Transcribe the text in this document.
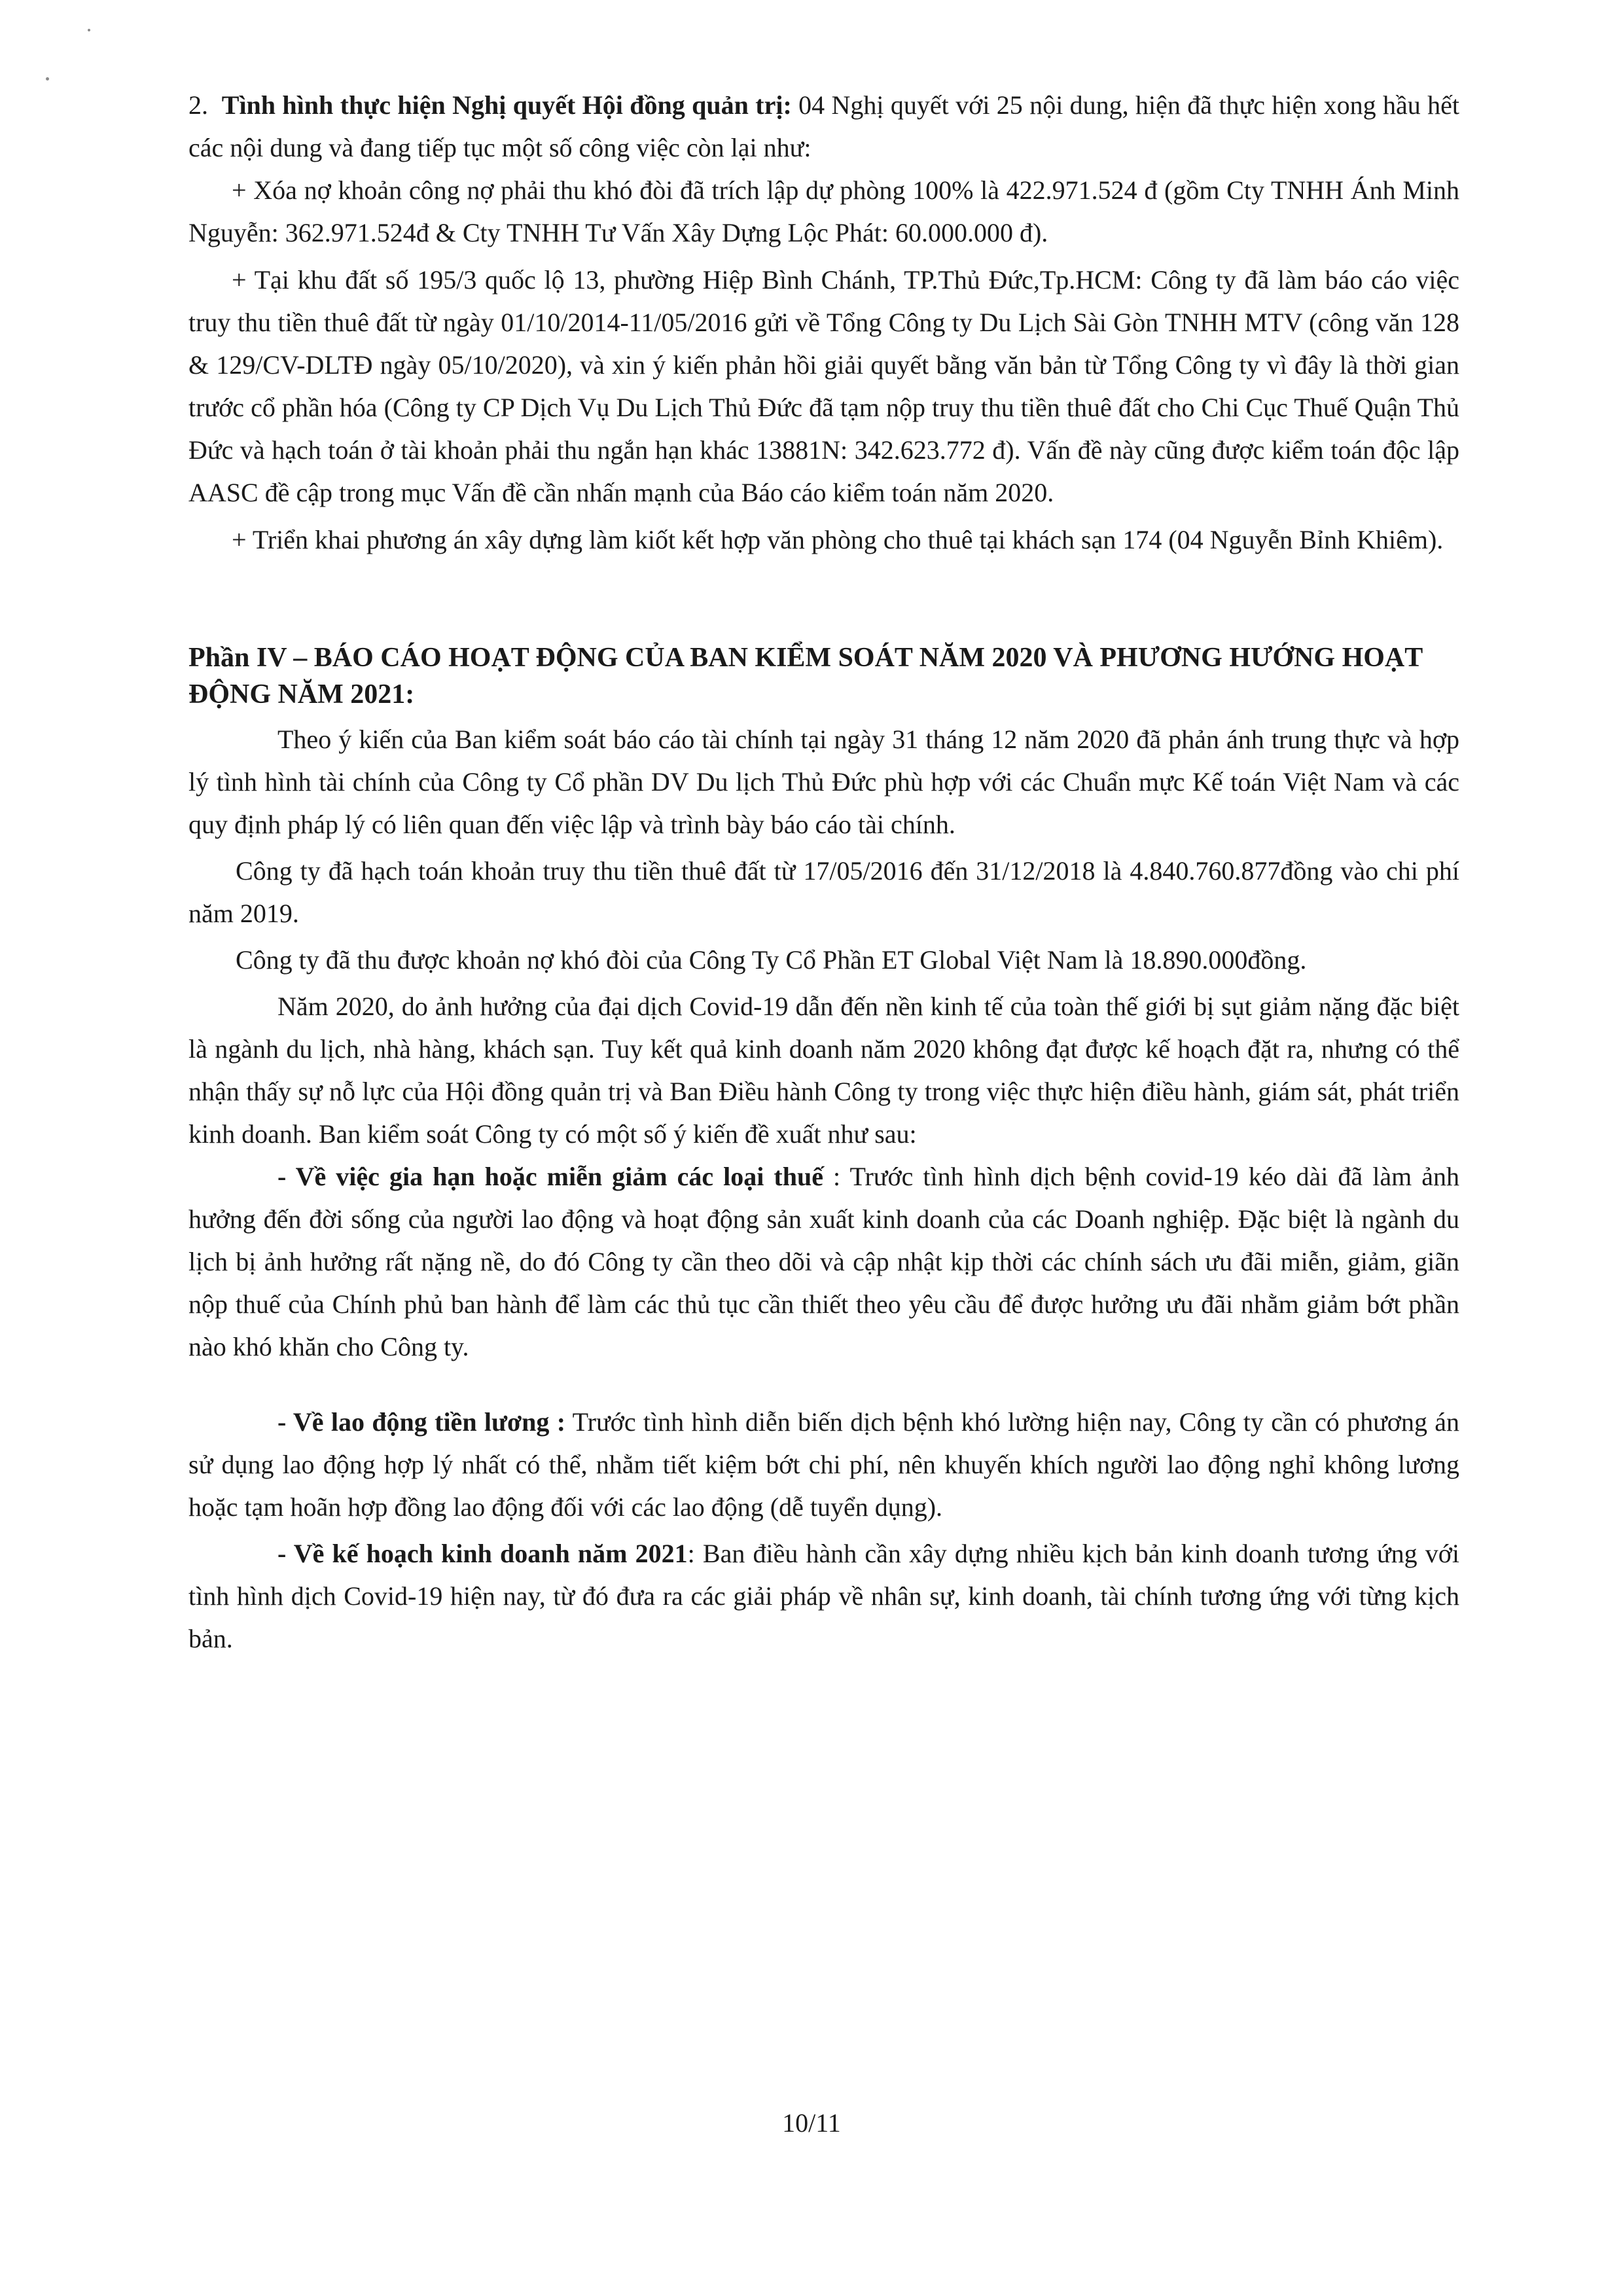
2. Tình hình thực hiện Nghị quyết Hội đồng quản trị: 04 Nghị quyết với 25 nội dung, hiện đã thực hiện xong hầu hết các nội dung và đang tiếp tục một số công việc còn lại như:

+ Xóa nợ khoản công nợ phải thu khó đòi đã trích lập dự phòng 100% là 422.971.524 đ (gồm Cty TNHH Ánh Minh Nguyễn: 362.971.524đ & Cty TNHH Tư Vấn Xây Dựng Lộc Phát: 60.000.000 đ).

+ Tại khu đất số 195/3 quốc lộ 13, phường Hiệp Bình Chánh, TP.Thủ Đức,Tp.HCM: Công ty đã làm báo cáo việc truy thu tiền thuê đất từ ngày 01/10/2014-11/05/2016 gửi về Tổng Công ty Du Lịch Sài Gòn TNHH MTV (công văn 128 & 129/CV-DLTĐ ngày 05/10/2020), và xin ý kiến phản hồi giải quyết bằng văn bản từ Tổng Công ty vì đây là thời gian trước cổ phần hóa (Công ty CP Dịch Vụ Du Lịch Thủ Đức đã tạm nộp truy thu tiền thuê đất cho Chi Cục Thuế Quận Thủ Đức và hạch toán ở tài khoản phải thu ngắn hạn khác 13881N: 342.623.772 đ). Vấn đề này cũng được kiểm toán độc lập AASC đề cập trong mục Vấn đề cần nhấn mạnh của Báo cáo kiểm toán năm 2020.

+ Triển khai phương án xây dựng làm kiốt kết hợp văn phòng cho thuê tại khách sạn 174 (04 Nguyễn Bỉnh Khiêm).

Phần IV – BÁO CÁO HOẠT ĐỘNG CỦA BAN KIỂM SOÁT NĂM 2020 VÀ PHƯƠNG HƯỚNG HOẠT ĐỘNG NĂM 2021:

Theo ý kiến của Ban kiểm soát báo cáo tài chính tại ngày 31 tháng 12 năm 2020 đã phản ánh trung thực và hợp lý tình hình tài chính của Công ty Cổ phần DV Du lịch Thủ Đức phù hợp với các Chuẩn mực Kế toán Việt Nam và các quy định pháp lý có liên quan đến việc lập và trình bày báo cáo tài chính.

Công ty đã hạch toán khoản truy thu tiền thuê đất từ 17/05/2016 đến 31/12/2018 là 4.840.760.877đồng vào chi phí năm 2019.

Công ty đã thu được khoản nợ khó đòi của Công Ty Cổ Phần ET Global Việt Nam là 18.890.000đồng.

Năm 2020, do ảnh hưởng của đại dịch Covid-19 dẫn đến nền kinh tế của toàn thế giới bị sụt giảm nặng đặc biệt là ngành du lịch, nhà hàng, khách sạn. Tuy kết quả kinh doanh năm 2020 không đạt được kế hoạch đặt ra, nhưng có thể nhận thấy sự nỗ lực của Hội đồng quản trị và Ban Điều hành Công ty trong việc thực hiện điều hành, giám sát, phát triển kinh doanh. Ban kiểm soát Công ty có một số ý kiến đề xuất như sau:

- Về việc gia hạn hoặc miễn giảm các loại thuế : Trước tình hình dịch bệnh covid-19 kéo dài đã làm ảnh hưởng đến đời sống của người lao động và hoạt động sản xuất kinh doanh của các Doanh nghiệp. Đặc biệt là ngành du lịch bị ảnh hưởng rất nặng nề, do đó Công ty cần theo dõi và cập nhật kịp thời các chính sách ưu đãi miễn, giảm, giãn nộp thuế của Chính phủ ban hành để làm các thủ tục cần thiết theo yêu cầu để được hưởng ưu đãi nhằm giảm bớt phần nào khó khăn cho Công ty.

- Về lao động tiền lương : Trước tình hình diễn biến dịch bệnh khó lường hiện nay, Công ty cần có phương án sử dụng lao động hợp lý nhất có thể, nhằm tiết kiệm bớt chi phí, nên khuyến khích người lao động nghỉ không lương hoặc tạm hoãn hợp đồng lao động đối với các lao động (dễ tuyển dụng).

- Về kế hoạch kinh doanh năm 2021: Ban điều hành cần xây dựng nhiều kịch bản kinh doanh tương ứng với tình hình dịch Covid-19 hiện nay, từ đó đưa ra các giải pháp về nhân sự, kinh doanh, tài chính tương ứng với từng kịch bản.

10/11
